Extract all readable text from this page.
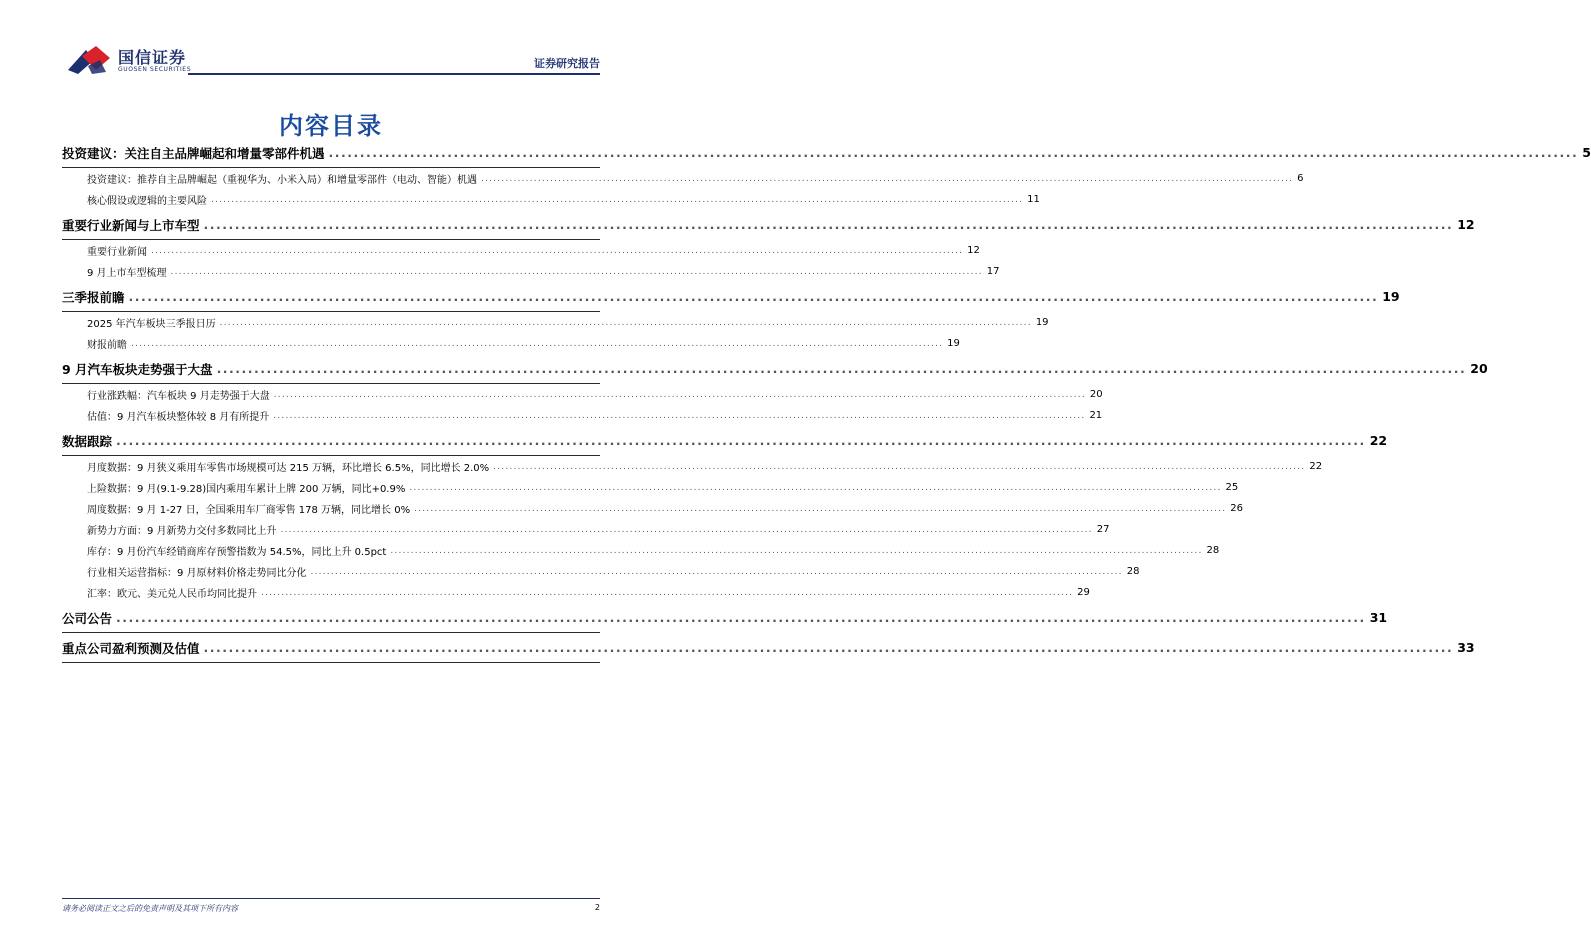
国信证券
GUOSEN SECURITIES	证券研究报告
内容目录
投资建议：关注自主品牌崛起和增量零部件机遇 ........................................................................................................................................................................................................ 5
投资建议：推荐自主品牌崛起（重视华为、小米入局）和增量零部件（电动、智能）机遇 ........................................................................................................................................................................................................ 6
核心假设或逻辑的主要风险 ........................................................................................................................................................................................................ 11
重要行业新闻与上市车型 ........................................................................................................................................................................................................ 12
重要行业新闻 ........................................................................................................................................................................................................ 12
9 月上市车型梳理 ........................................................................................................................................................................................................ 17
三季报前瞻 ........................................................................................................................................................................................................ 19
2025 年汽车板块三季报日历 ........................................................................................................................................................................................................ 19
财报前瞻 ........................................................................................................................................................................................................ 19
9 月汽车板块走势强于大盘 ........................................................................................................................................................................................................ 20
行业涨跌幅：汽车板块 9 月走势强于大盘 ........................................................................................................................................................................................................ 20
估值：9 月汽车板块整体较 8 月有所提升 ........................................................................................................................................................................................................ 21
数据跟踪 ........................................................................................................................................................................................................ 22
月度数据：9 月狭义乘用车零售市场规模可达 215 万辆，环比增长 6.5%，同比增长 2.0% ........................................................................................................................................................................................................ 22
上险数据：9 月(9.1-9.28)国内乘用车累计上牌 200 万辆，同比+0.9% ........................................................................................................................................................................................................ 25
周度数据：9 月 1-27 日，全国乘用车厂商零售 178 万辆，同比增长 0% ........................................................................................................................................................................................................ 26
新势力方面：9 月新势力交付多数同比上升 ........................................................................................................................................................................................................ 27
库存：9 月份汽车经销商库存预警指数为 54.5%，同比上升 0.5pct ........................................................................................................................................................................................................ 28
行业相关运营指标：9 月原材料价格走势同比分化 ........................................................................................................................................................................................................ 28
汇率：欧元、美元兑人民币均同比提升 ........................................................................................................................................................................................................ 29
公司公告 ........................................................................................................................................................................................................ 31
重点公司盈利预测及估值 ........................................................................................................................................................................................................ 33
请务必阅读正文之后的免责声明及其项下所有内容	2
